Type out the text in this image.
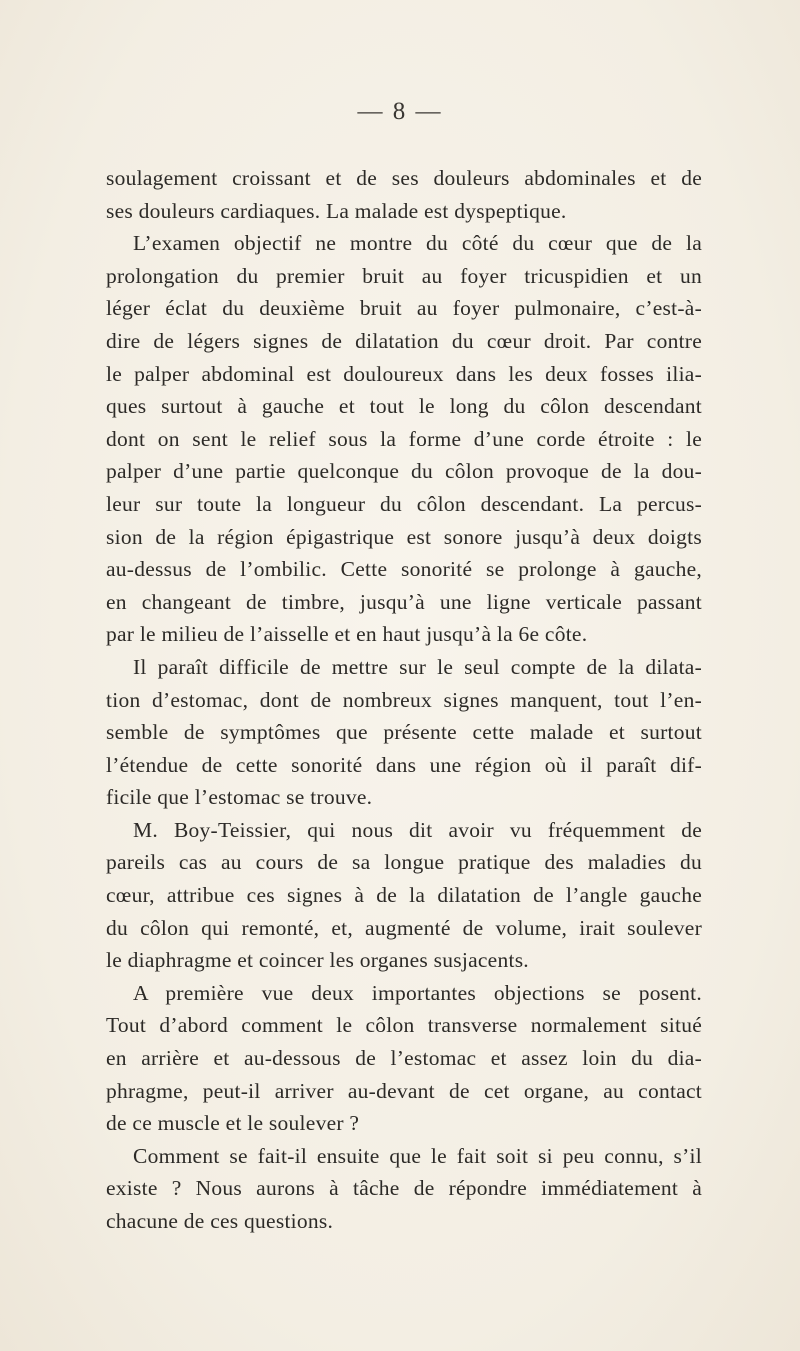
— 8 —
soulagement croissant et de ses douleurs abdominales et de
ses douleurs cardiaques. La malade est dyspeptique.
L’examen objectif ne montre du côté du cœur que de la
prolongation du premier bruit au foyer tricuspidien et un
léger éclat du deuxième bruit au foyer pulmonaire, c’est-à-
dire de légers signes de dilatation du cœur droit. Par contre
le palper abdominal est douloureux dans les deux fosses ilia-
ques surtout à gauche et tout le long du côlon descendant
dont on sent le relief sous la forme d’une corde étroite : le
palper d’une partie quelconque du côlon provoque de la dou-
leur sur toute la longueur du côlon descendant. La percus-
sion de la région épigastrique est sonore jusqu’à deux doigts
au-dessus de l’ombilic. Cette sonorité se prolonge à gauche,
en changeant de timbre, jusqu’à une ligne verticale passant
par le milieu de l’aisselle et en haut jusqu’à la 6e côte.
Il paraît difficile de mettre sur le seul compte de la dilata-
tion d’estomac, dont de nombreux signes manquent, tout l’en-
semble de symptômes que présente cette malade et surtout
l’étendue de cette sonorité dans une région où il paraît dif-
ficile que l’estomac se trouve.
M. Boy-Teissier, qui nous dit avoir vu fréquemment de
pareils cas au cours de sa longue pratique des maladies du
cœur, attribue ces signes à de la dilatation de l’angle gauche
du côlon qui remonté, et, augmenté de volume, irait soulever
le diaphragme et coincer les organes susjacents.
A première vue deux importantes objections se posent.
Tout d’abord comment le côlon transverse normalement situé
en arrière et au-dessous de l’estomac et assez loin du dia-
phragme, peut-il arriver au-devant de cet organe, au contact
de ce muscle et le soulever ?
Comment se fait-il ensuite que le fait soit si peu connu, s’il
existe ? Nous aurons à tâche de répondre immédiatement à
chacune de ces questions.
